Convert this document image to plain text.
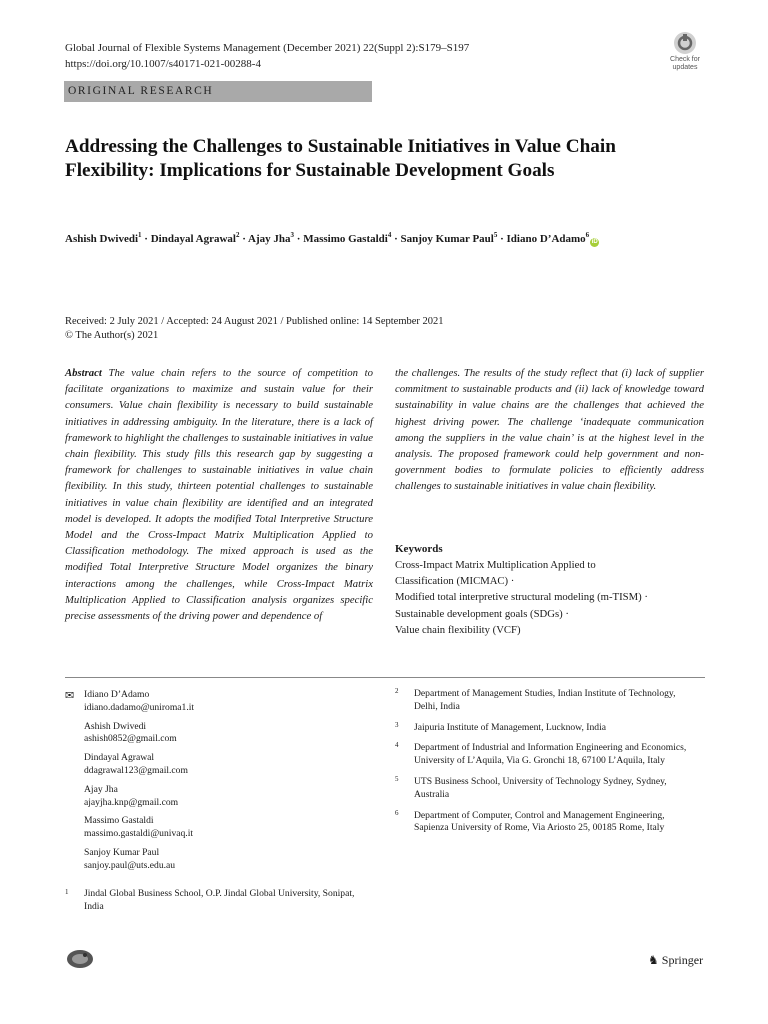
Global Journal of Flexible Systems Management (December 2021) 22(Suppl 2):S179–S197
https://doi.org/10.1007/s40171-021-00288-4	Check for
updates
ORIGINAL RESEARCH
Addressing the Challenges to Sustainable Initiatives in Value Chain Flexibility: Implications for Sustainable Development Goals
Ashish Dwivedi$^1$ · Dindayal Agrawal$^2$ · Ajay Jha$^3$ · Massimo Gastaldi$^4$ · Sanjoy Kumar Paul$^5$ · Idiano D’Adamo$^6$iD
Received: 2 July 2021 / Accepted: 24 August 2021 / Published online: 14 September 2021
© The Author(s) 2021
Abstract The value chain refers to the source of competition to facilitate organizations to maximize and sustain value for their consumers. Value chain flexibility is necessary to build sustainable initiatives in addressing ambiguity. In the literature, there is a lack of framework to highlight the challenges to sustainable initiatives in value chain flexibility. This study fills this research gap by suggesting a framework for challenges to sustainable initiatives in value chain flexibility. In this study, thirteen potential challenges to sustainable initiatives in value chain flexibility are identified and an integrated model is developed. It adopts the modified Total Interpretive Structure Model and the Cross-Impact Matrix Multiplication Applied to Classification methodology. The mixed approach is used as the modified Total Interpretive Structure Model organizes the binary interactions among the challenges, while Cross-Impact Matrix Multiplication Applied to Classification analysis organizes specific precise assessments of the driving power and dependence of
the challenges. The results of the study reflect that (i) lack of supplier commitment to sustainable products and (ii) lack of knowledge toward sustainability in value chains are the challenges that achieved the highest driving power. The challenge ‘inadequate communication among the suppliers in the value chain’ is at the highest level in the analysis. The proposed framework could help government and non-government bodies to formulate policies to efficiently address challenges to sustainable initiatives in value chain flexibility.
Keywords
Cross-Impact Matrix Multiplication Applied to
Classification (MICMAC) ·
Modified total interpretive structural modeling (m-TISM) ·
Sustainable development goals (SDGs) ·
Value chain flexibility (VCF)
✉ Idiano D’Adamo
idiano.dadamo@uniroma1.it
Ashish Dwivedi
ashish0852@gmail.com
Dindayal Agrawal
ddagrawal123@gmail.com
Ajay Jha
ajayjha.knp@gmail.com
Massimo Gastaldi
massimo.gastaldi@univaq.it
Sanjoy Kumar Paul
sanjoy.paul@uts.edu.au
1 Jindal Global Business School, O.P. Jindal Global University, Sonipat, India
2 Department of Management Studies, Indian Institute of Technology, Delhi, India
3 Jaipuria Institute of Management, Lucknow, India
4 Department of Industrial and Information Engineering and Economics, University of L’Aquila, Via G. Gronchi 18, 67100 L’Aquila, Italy
5 UTS Business School, University of Technology Sydney, Sydney, Australia
6 Department of Computer, Control and Management Engineering, Sapienza University of Rome, Via Ariosto 25, 00185 Rome, Italy
♞ Springer
